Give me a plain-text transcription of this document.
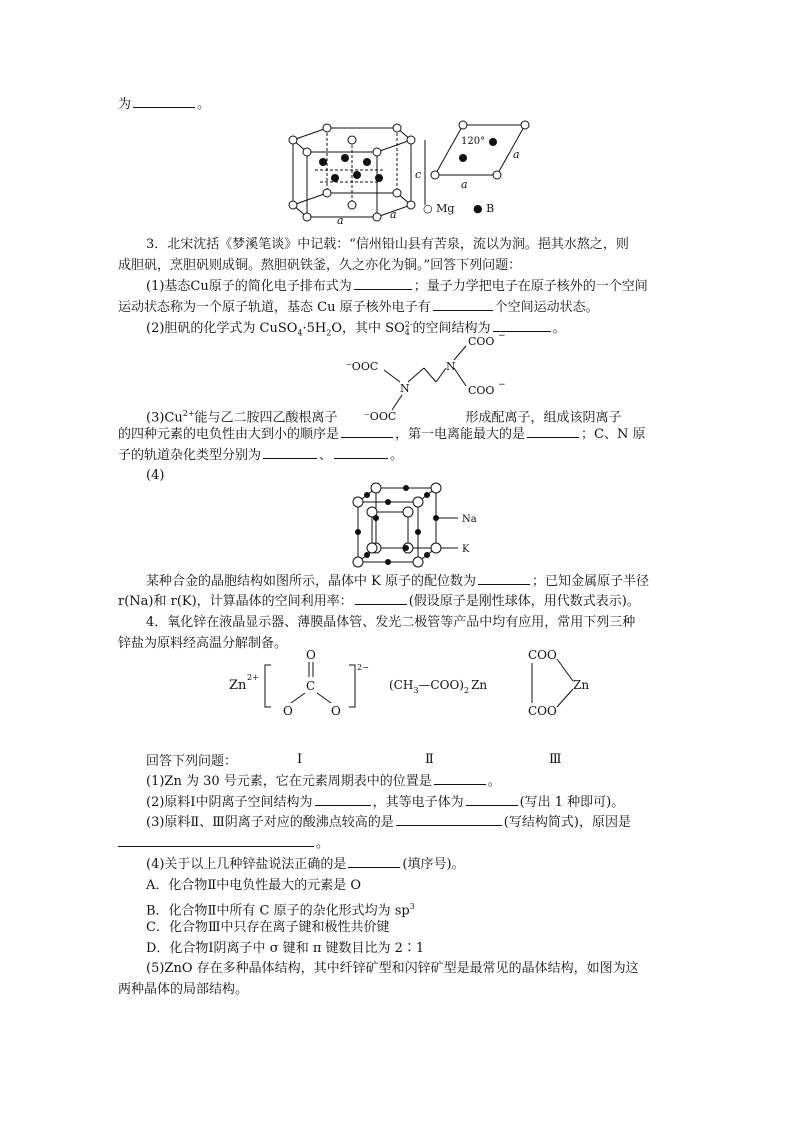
为	。
c
a	a
120°
a
a
○ Mg ● B
3．北宋沈括《梦溪笔谈》中记载：“信州铅山县有苦泉，流以为涧。挹其水熬之，则
成胆矾，烹胆矾则成铜。熬胆矾铁釜，久之亦化为铜。”回答下列问题：
(1)基态Cu原子的简化电子排布式为	；量子力学把电子在原子核外的一个空间
运动状态称为一个原子轨道，基态 Cu 原子核外电子有	个空间运动状态。
(2)胆矾的化学式为 $CuSO_4\cdot 5H_2O$，其中 SO 2-
4 的空间结构为	。
COO −
⁻OOC
N
N
COO −
⁻OOC
$(3)Cu^{2+}$能与乙二胺四乙酸根离子	形成配离子，组成该阴离子
的四种元素的电负性由大到小的顺序是	，第一电离能最大的是	；C、N 原
子的轨道杂化类型分别为	、	。
(4)
Na
K
某种合金的晶胞结构如图所示，晶体中 K 原子的配位数为	；已知金属原子半径
r(Na)和 r(K)，计算晶体的空间利用率：	(假设原子是刚性球体，用代数式表示)。
4．氧化锌在液晶显示器、薄膜晶体管、发光二极管等产品中均有应用，常用下列三种
锌盐为原料经高温分解制备。
Zn
2+
O
C
O	O
2−
$(CH_3—COO)_2$ Zn
COO
COO
Zn
Ⅰ	Ⅱ	Ⅲ
回答下列问题：
(1)Zn 为 30 号元素，它在元素周期表中的位置是	。
(2)原料Ⅰ中阴离子空间结构为	，其等电子体为	(写出 1 种即可)。
(3)原料Ⅱ、Ⅲ阴离子对应的酸沸点较高的是	(写结构简式)，原因是
。
(4)关于以上几种锌盐说法正确的是	(填序号)。
A．化合物Ⅱ中电负性最大的元素是 O
B．化合物Ⅱ中所有 C 原子的杂化形式均为 $sp^3$
C．化合物Ⅲ中只存在离子键和极性共价键
D．化合物Ⅰ阴离子中 σ 键和 π 键数目比为 2∶1
(5)ZnO 存在多种晶体结构，其中纤锌矿型和闪锌矿型是最常见的晶体结构，如图为这
两种晶体的局部结构。
